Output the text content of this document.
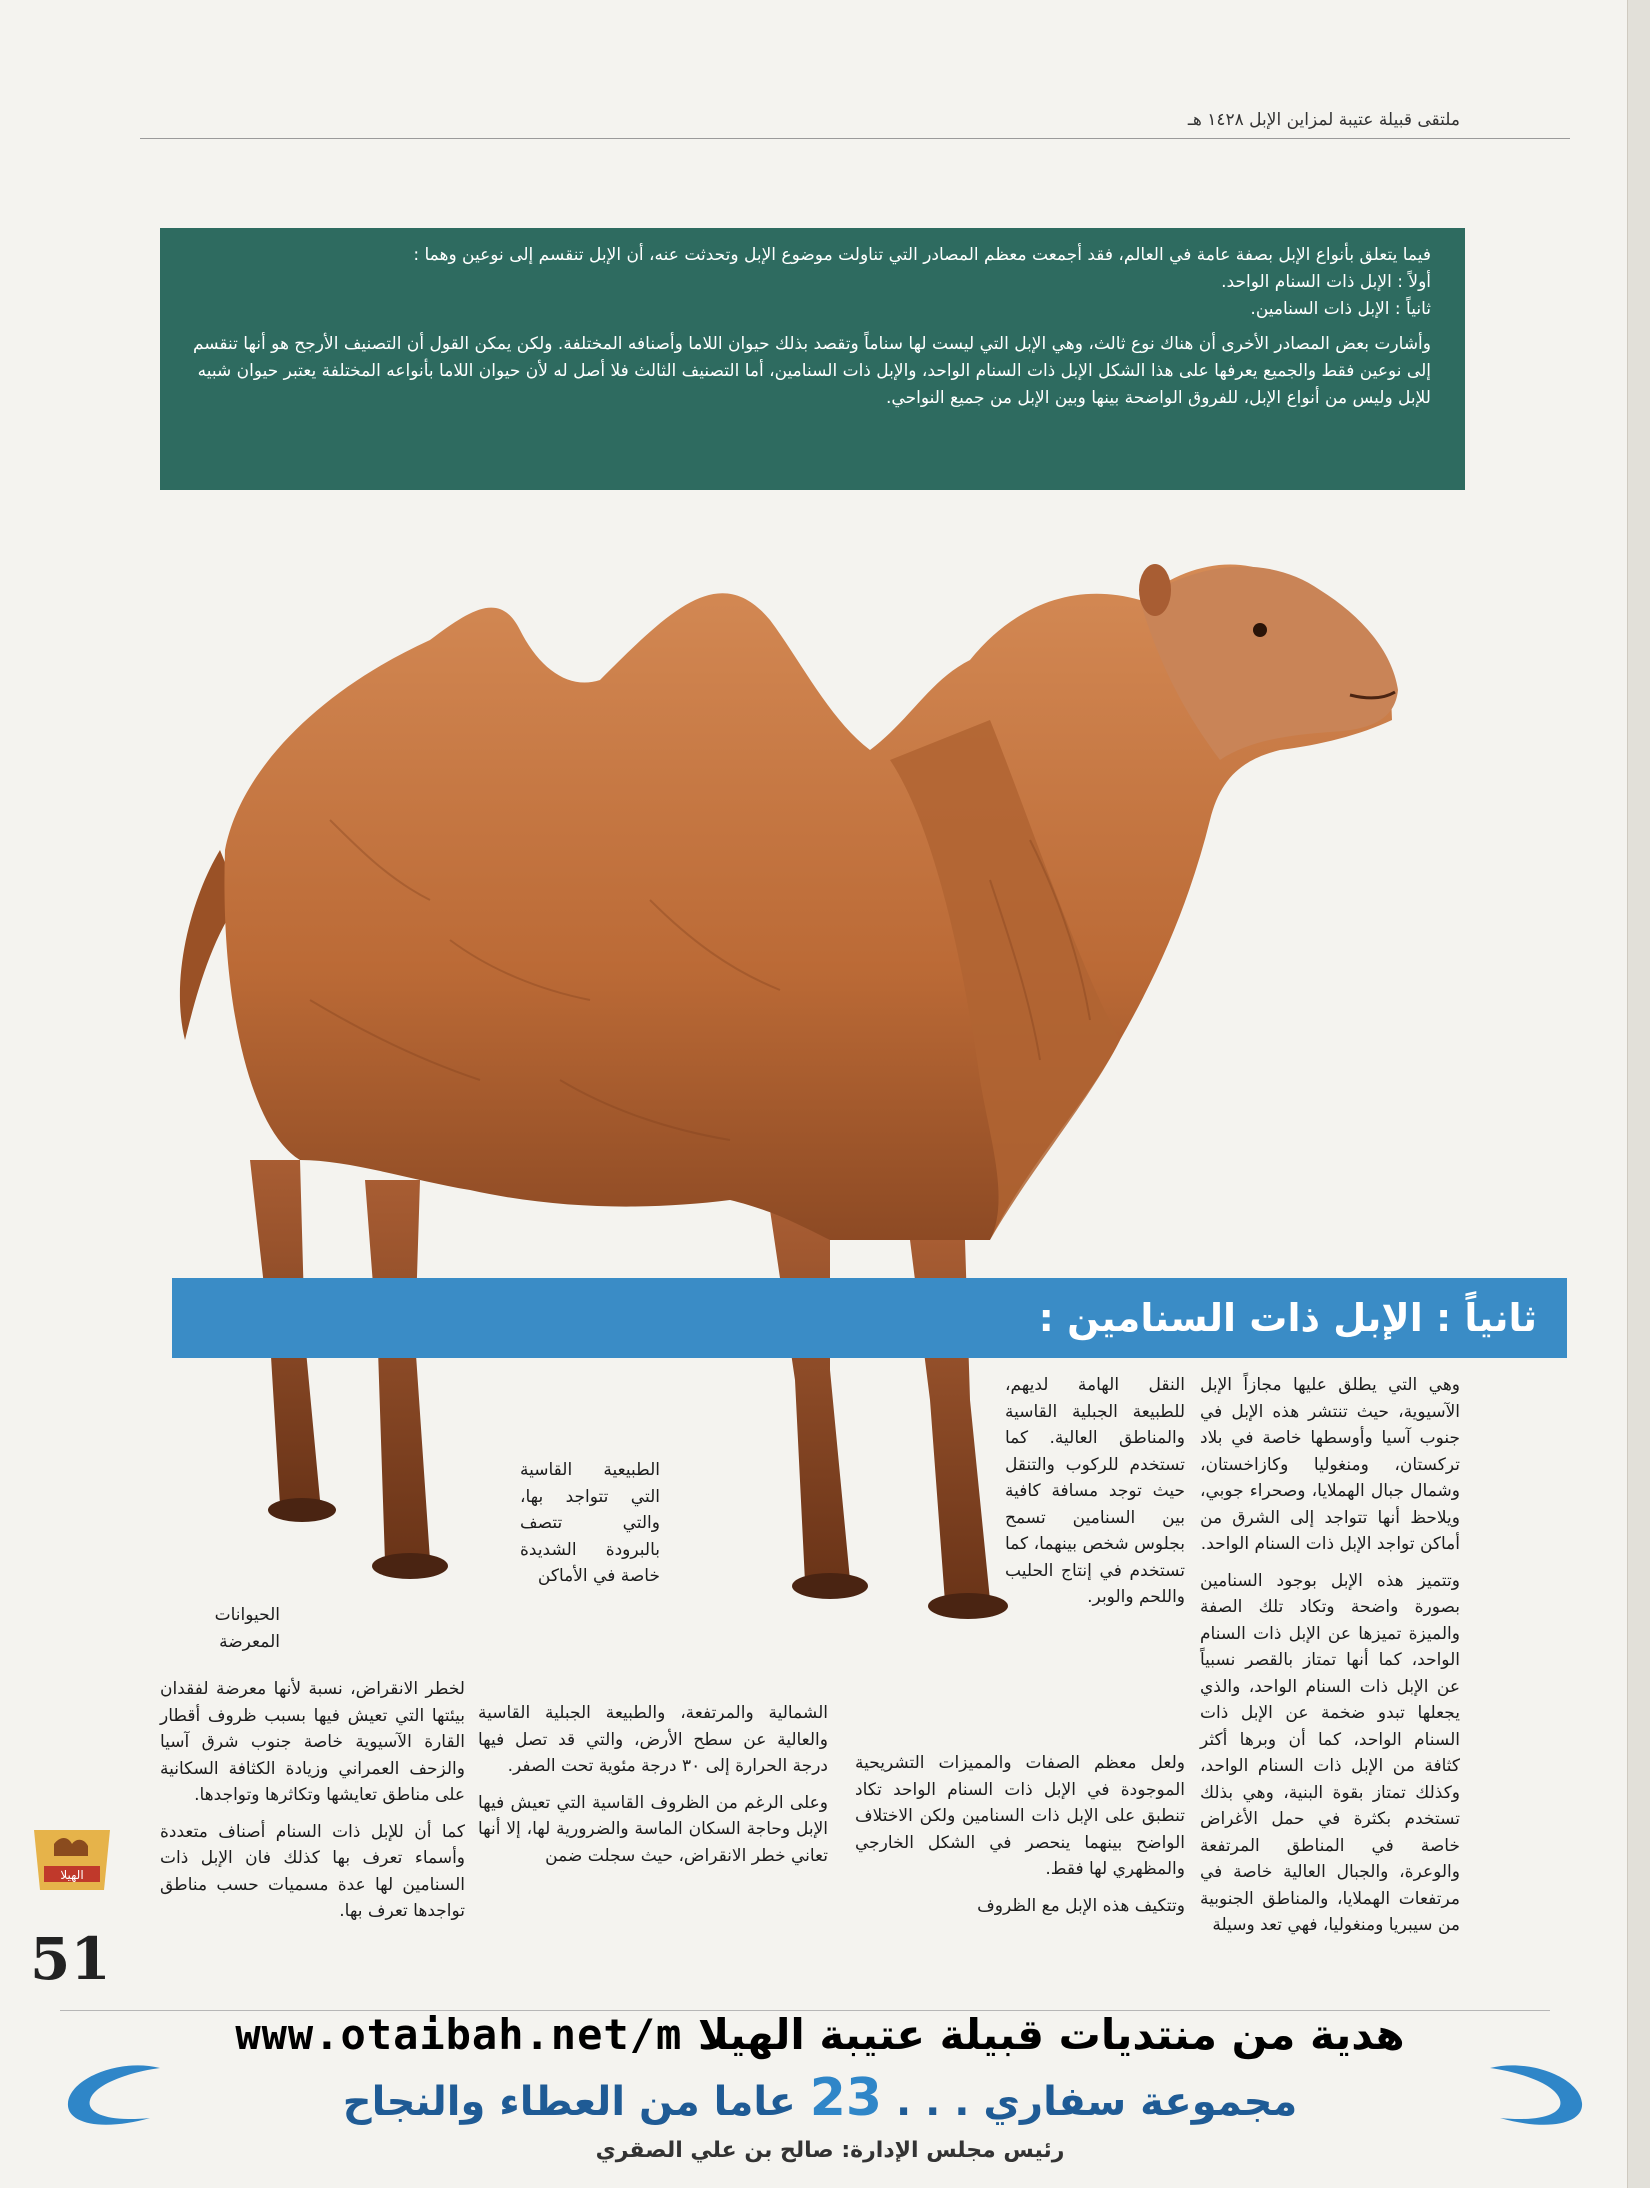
ملتقى قبيلة عتيبة لمزاين الإبل ١٤٢٨ هـ

فيما يتعلق بأنواع الإبل بصفة عامة في العالم، فقد أجمعت معظم المصادر التي تناولت موضوع الإبل وتحدثت عنه، أن الإبل تنقسم إلى نوعين وهما :

أولاً : الإبل ذات السنام الواحد.

ثانياً : الإبل ذات السنامين.

وأشارت بعض المصادر الأخرى أن هناك نوع ثالث، وهي الإبل التي ليست لها سناماً وتقصد بذلك حيوان اللاما وأصنافه المختلفة. ولكن يمكن القول أن التصنيف الأرجح هو أنها تنقسم إلى نوعين فقط والجميع يعرفها على هذا الشكل الإبل ذات السنام الواحد، والإبل ذات السنامين، أما التصنيف الثالث فلا أصل له لأن حيوان اللاما بأنواعه المختلفة يعتبر حيوان شبيه للإبل وليس من أنواع الإبل، للفروق الواضحة بينها وبين الإبل من جميع النواحي.

ثانياً : الإبل ذات السنامين :

وهي التي يطلق عليها مجازاً الإبل الآسيوية، حيث تنتشر هذه الإبل في جنوب آسيا وأوسطها خاصة في بلاد تركستان، ومنغوليا وكازاخستان، وشمال جبال الهملايا، وصحراء جوبي، ويلاحظ أنها تتواجد إلى الشرق من أماكن تواجد الإبل ذات السنام الواحد.

وتتميز هذه الإبل بوجود السنامين بصورة واضحة وتكاد تلك الصفة والميزة تميزها عن الإبل ذات السنام الواحد، كما أنها تمتاز بالقصر نسبياً عن الإبل ذات السنام الواحد، والذي يجعلها تبدو ضخمة عن الإبل ذات السنام الواحد، كما أن وبرها أكثر كثافة من الإبل ذات السنام الواحد، وكذلك تمتاز بقوة البنية، وهي بذلك تستخدم بكثرة في حمل الأغراض خاصة في المناطق المرتفعة والوعرة، والجبال العالية خاصة في مرتفعات الهملايا، والمناطق الجنوبية من سيبريا ومنغوليا، فهي تعد وسيلة

النقل الهامة لديهم، للطبيعة الجبلية القاسية والمناطق العالية. كما تستخدم للركوب والتنقل حيث توجد مسافة كافية بين السنامين تسمح بجلوس شخص بينهما، كما تستخدم في إنتاج الحليب واللحم والوبر.

ولعل معظم الصفات والمميزات التشريحية الموجودة في الإبل ذات السنام الواحد تكاد تنطبق على الإبل ذات السنامين ولكن الاختلاف الواضح بينهما ينحصر في الشكل الخارجي والمظهري لها فقط.

وتتكيف هذه الإبل مع الظروف

الطبيعية القاسية التي تتواجد بها، والتي تتصف بالبرودة الشديدة خاصة في الأماكن

الشمالية والمرتفعة، والطبيعة الجبلية القاسية والعالية عن سطح الأرض، والتي قد تصل فيها درجة الحرارة إلى ٣٠ درجة مئوية تحت الصفر.

وعلى الرغم من الظروف القاسية التي تعيش فيها الإبل وحاجة السكان الماسة والضرورية لها، إلا أنها تعاني خطر الانقراض، حيث سجلت ضمن

الحيوانات المعرضة

لخطر الانقراض، نسبة لأنها معرضة لفقدان بيئتها التي تعيش فيها بسبب ظروف أقطار القارة الآسيوية خاصة جنوب شرق آسيا والزحف العمراني وزيادة الكثافة السكانية على مناطق تعايشها وتكاثرها وتواجدها.

كما أن للإبل ذات السنام أصناف متعددة وأسماء تعرف بها كذلك فان الإبل ذات السنامين لها عدة مسميات حسب مناطق تواجدها تعرف بها.

الهيلا
51
www.otaibah.net/m هدية من منتديات قبيلة عتيبة الهيلا
مجموعة سفاري . . . 23 عاما من العطاء والنجاح
رئيس مجلس الإدارة: صالح بن علي الصقري
